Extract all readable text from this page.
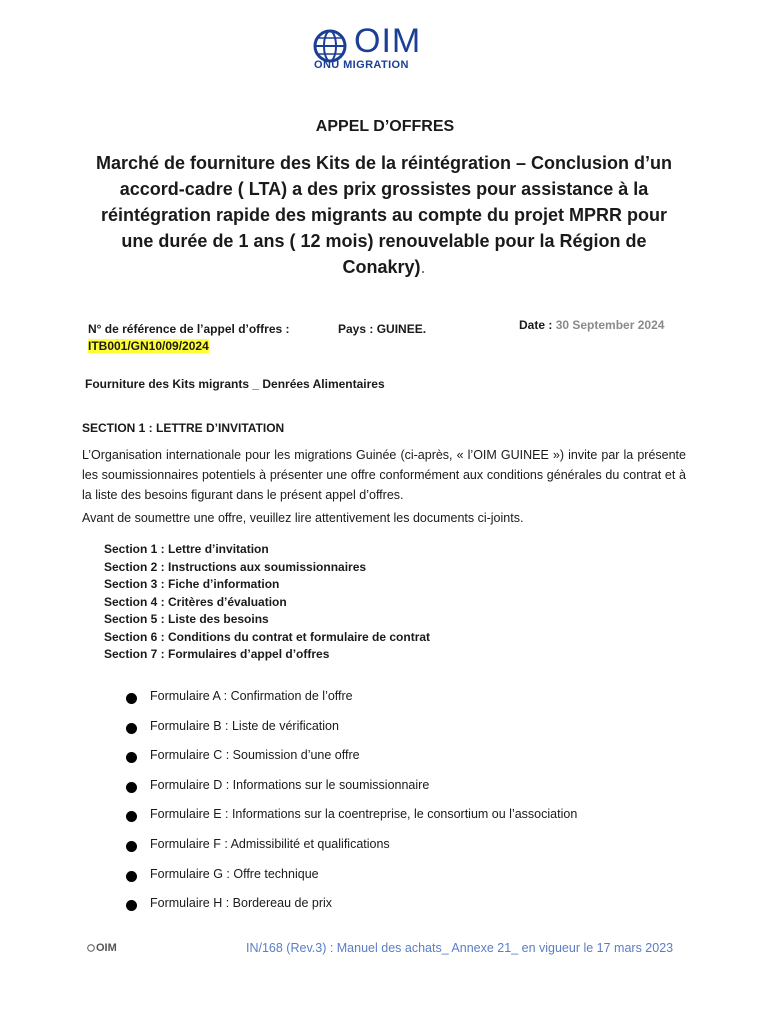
OIM
ONU MIGRATION
APPEL D’OFFRES
Marché de fourniture des Kits de la réintégration – Conclusion d’un accord-cadre ( LTA) a des prix grossistes pour assistance à la réintégration rapide des migrants au compte du projet MPRR pour une durée de 1 ans ( 12 mois) renouvelable pour la Région de Conakry).
N° de référence de l’appel d’offres :
ITB001/GN10/09/2024
Pays : GUINEE.	Date : 30 September 2024
Fourniture des Kits migrants _ Denrées Alimentaires
SECTION 1 : LETTRE D’INVITATION
L’Organisation internationale pour les migrations Guinée (ci-après, « l’OIM GUINEE ») invite par la présente les soumissionnaires potentiels à présenter une offre conformément aux conditions générales du contrat et à la liste des besoins figurant dans le présent appel d’offres.
Avant de soumettre une offre, veuillez lire attentivement les documents ci-joints.
Section 1 : Lettre d’invitation
Section 2 : Instructions aux soumissionnaires
Section 3 : Fiche d’information
Section 4 : Critères d’évaluation
Section 5 : Liste des besoins
Section 6 : Conditions du contrat et formulaire de contrat
Section 7 : Formulaires d’appel d’offres
Formulaire A : Confirmation de l’offre
Formulaire B : Liste de vérification
Formulaire C : Soumission d’une offre
Formulaire D : Informations sur le soumissionnaire
Formulaire E : Informations sur la coentreprise, le consortium ou l’association
Formulaire F : Admissibilité et qualifications
Formulaire G : Offre technique
Formulaire H : Bordereau de prix
OIM	IN/168 (Rev.3) : Manuel des achats_ Annexe 21_ en vigueur le 17 mars 2023
